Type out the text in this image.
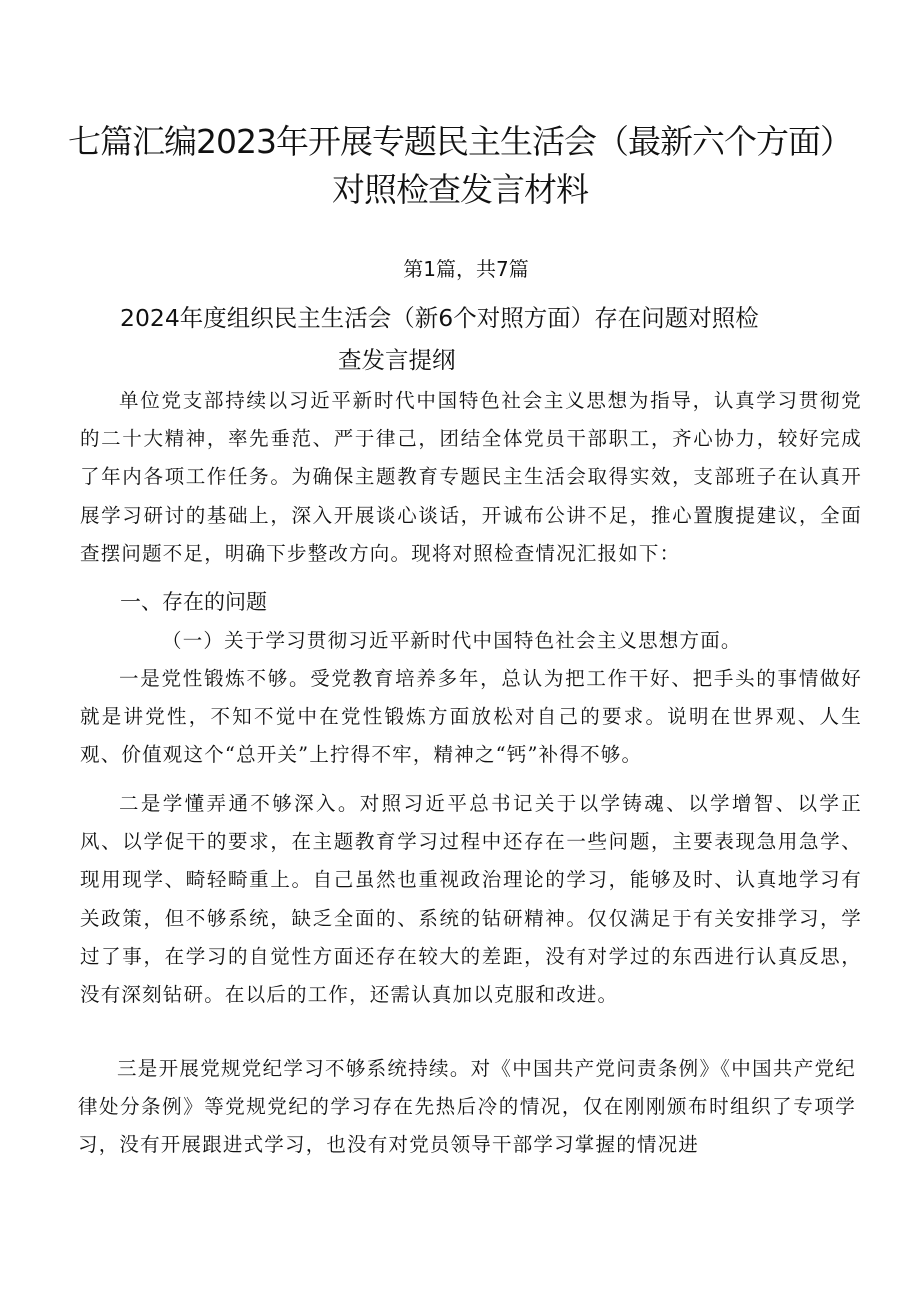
七篇汇编2023年开展专题民主生活会（最新六个方面）对照检查发言材料
第1篇，共7篇
2024年度组织民主生活会（新6个对照方面）存在问题对照检
查发言提纲

单位党支部持续以习近平新时代中国特色社会主义思想为指导，认真学习贯彻党的二十大精神，率先垂范、严于律己，团结全体党员干部职工，齐心协力，较好完成了年内各项工作任务。为确保主题教育专题民主生活会取得实效，支部班子在认真开展学习研讨的基础上，深入开展谈心谈话，开诚布公讲不足，推心置腹提建议，全面查摆问题不足，明确下步整改方向。现将对照检查情况汇报如下：

一、存在的问题

（一）关于学习贯彻习近平新时代中国特色社会主义思想方面。

一是党性锻炼不够。受党教育培养多年，总认为把工作干好、把手头的事情做好就是讲党性，不知不觉中在党性锻炼方面放松对自己的要求。说明在世界观、人生观、价值观这个“总开关”上拧得不牢，精神之“钙”补得不够。

二是学懂弄通不够深入。对照习近平总书记关于以学铸魂、以学增智、以学正风、以学促干的要求，在主题教育学习过程中还存在一些问题，主要表现急用急学、现用现学、畸轻畸重上。自己虽然也重视政治理论的学习，能够及时、认真地学习有关政策，但不够系统，缺乏全面的、系统的钻研精神。仅仅满足于有关安排学习，学过了事，在学习的自觉性方面还存在较大的差距，没有对学过的东西进行认真反思，没有深刻钻研。在以后的工作，还需认真加以克服和改进。

三是开展党规党纪学习不够系统持续。对《中国共产党问责条例》《中国共产党纪律处分条例》等党规党纪的学习存在先热后冷的情况，仅在刚刚颁布时组织了专项学习，没有开展跟进式学习，也没有对党员领导干部学习掌握的情况进
